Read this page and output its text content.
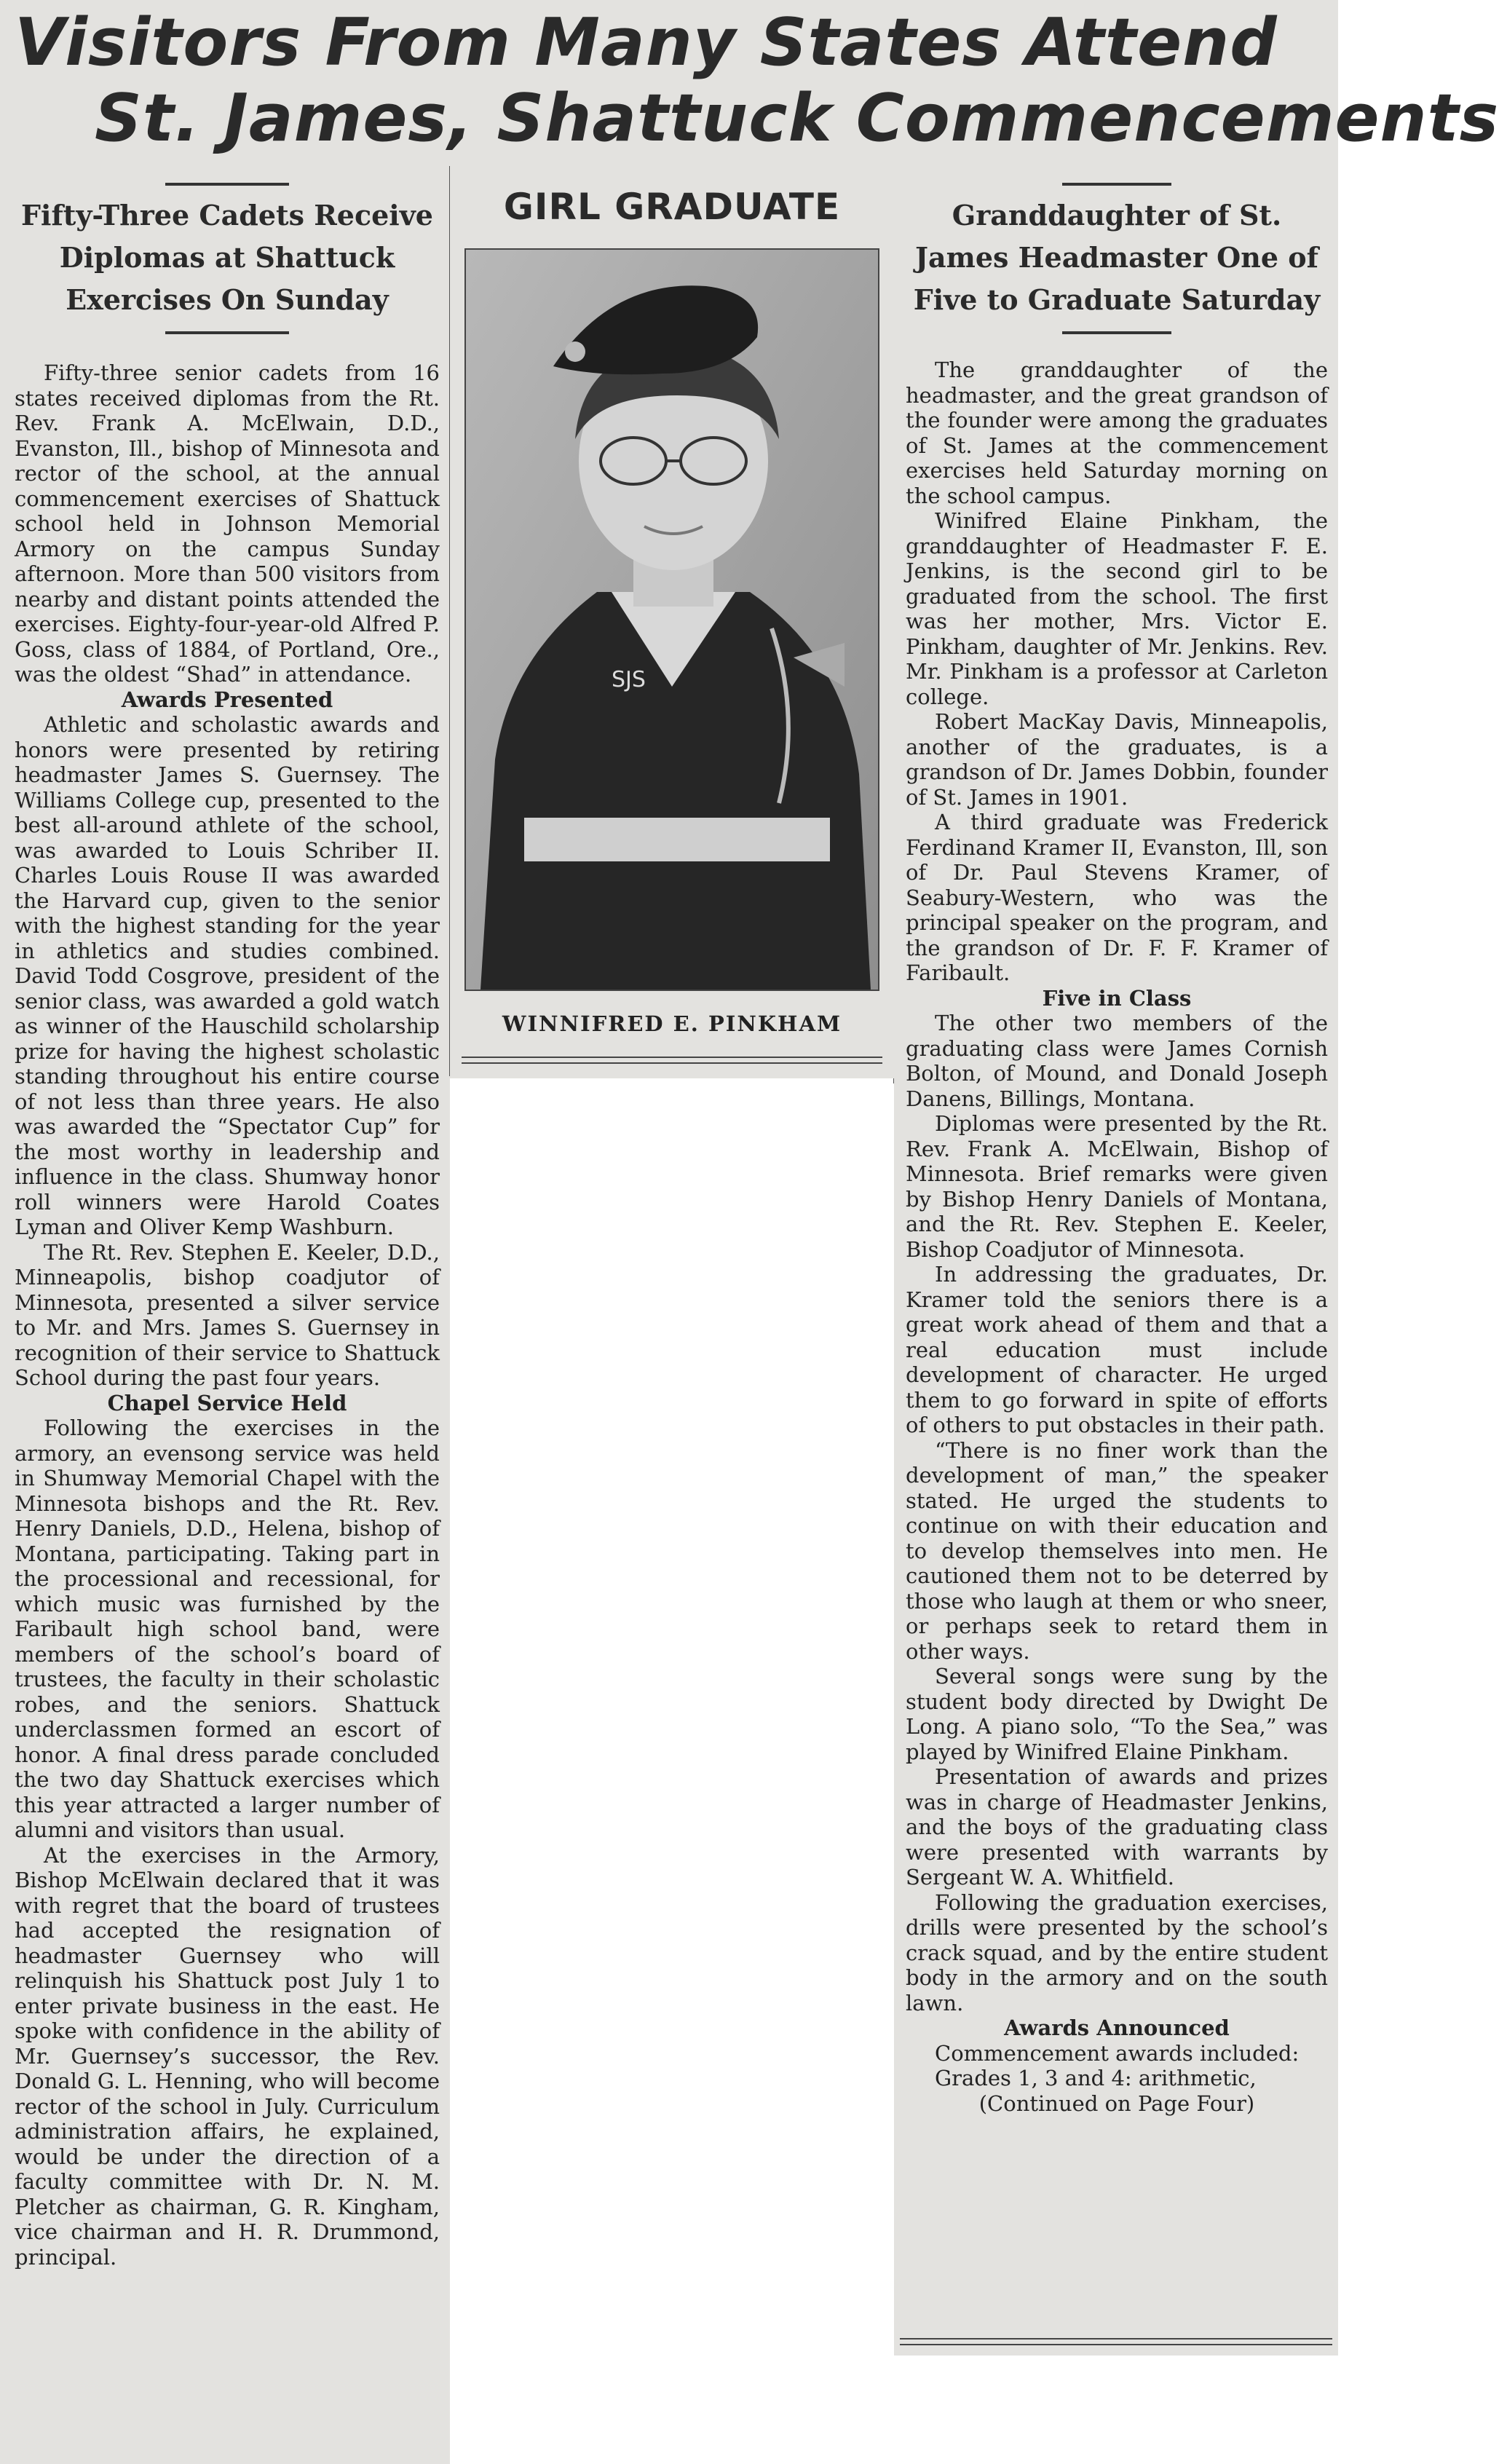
Visitors From Many States Attend
St. James, Shattuck Commencements
Fifty-Three Cadets Receive Diplomas at Shattuck Exercises On Sunday

Fifty-three senior cadets from 16 states received diplomas from the Rt. Rev. Frank A. McElwain, D.D., Evanston, Ill., bishop of Minnesota and rector of the school, at the annual commencement exercises of Shattuck school held in Johnson Memorial Armory on the campus Sunday afternoon. More than 500 visitors from nearby and distant points attended the exercises. Eighty-four-year-old Alfred P. Goss, class of 1884, of Portland, Ore., was the oldest “Shad” in attendance.

Awards Presented

Athletic and scholastic awards and honors were presented by retiring headmaster James S. Guernsey. The Williams College cup, presented to the best all-around athlete of the school, was awarded to Louis Schriber II. Charles Louis Rouse II was awarded the Harvard cup, given to the senior with the highest standing for the year in athletics and studies combined. David Todd Cosgrove, president of the senior class, was awarded a gold watch as winner of the Hauschild scholarship prize for having the highest scholastic standing throughout his entire course of not less than three years. He also was awarded the “Spectator Cup” for the most worthy in leadership and influence in the class. Shumway honor roll winners were Harold Coates Lyman and Oliver Kemp Washburn.

The Rt. Rev. Stephen E. Keeler, D.D., Minneapolis, bishop coadjutor of Minnesota, presented a silver service to Mr. and Mrs. James S. Guernsey in recognition of their service to Shattuck School during the past four years.

Chapel Service Held

Following the exercises in the armory, an evensong service was held in Shumway Memorial Chapel with the Minnesota bishops and the Rt. Rev. Henry Daniels, D.D., Helena, bishop of Montana, participating. Taking part in the processional and recessional, for which music was furnished by the Faribault high school band, were members of the school’s board of trustees, the faculty in their scholastic robes, and the seniors. Shattuck underclassmen formed an escort of honor. A final dress parade concluded the two day Shattuck exercises which this year attracted a larger number of alumni and visitors than usual.

At the exercises in the Armory, Bishop McElwain declared that it was with regret that the board of trustees had accepted the resignation of headmaster Guernsey who will relinquish his Shattuck post July 1 to enter private business in the east. He spoke with confidence in the ability of Mr. Guernsey’s successor, the Rev. Donald G. L. Henning, who will become rector of the school in July. Curriculum administration affairs, he explained, would be under the direction of a faculty committee with Dr. N. M. Pletcher as chairman, G. R. Kingham, vice chairman and H. R. Drummond, principal.

GIRL GRADUATE
SJS
WINNIFRED E. PINKHAM
Granddaughter of St. James Headmaster One of Five to Graduate Saturday

The granddaughter of the headmaster, and the great grandson of the founder were among the graduates of St. James at the commencement exercises held Saturday morning on the school campus.

Winifred Elaine Pinkham, the granddaughter of Headmaster F. E. Jenkins, is the second girl to be graduated from the school. The first was her mother, Mrs. Victor E. Pinkham, daughter of Mr. Jenkins. Rev. Mr. Pinkham is a professor at Carleton college.

Robert MacKay Davis, Minneapolis, another of the graduates, is a grandson of Dr. James Dobbin, founder of St. James in 1901.

A third graduate was Frederick Ferdinand Kramer II, Evanston, Ill, son of Dr. Paul Stevens Kramer, of Seabury-Western, who was the principal speaker on the program, and the grandson of Dr. F. F. Kramer of Faribault.

Five in Class

The other two members of the graduating class were James Cornish Bolton, of Mound, and Donald Joseph Danens, Billings, Montana.

Diplomas were presented by the Rt. Rev. Frank A. McElwain, Bishop of Minnesota. Brief remarks were given by Bishop Henry Daniels of Montana, and the Rt. Rev. Stephen E. Keeler, Bishop Coadjutor of Minnesota.

In addressing the graduates, Dr. Kramer told the seniors there is a great work ahead of them and that a real education must include development of character. He urged them to go forward in spite of efforts of others to put obstacles in their path.

“There is no finer work than the development of man,” the speaker stated. He urged the students to continue on with their education and to develop themselves into men. He cautioned them not to be deterred by those who laugh at them or who sneer, or perhaps seek to retard them in other ways.

Several songs were sung by the student body directed by Dwight De Long. A piano solo, “To the Sea,” was played by Winifred Elaine Pinkham.

Presentation of awards and prizes was in charge of Headmaster Jenkins, and the boys of the graduating class were presented with warrants by Sergeant W. A. Whitfield.

Following the graduation exercises, drills were presented by the school’s crack squad, and by the entire student body in the armory and on the south lawn.

Awards Announced

Commencement awards included:

Grades 1, 3 and 4: arithmetic,

(Continued on Page Four)
